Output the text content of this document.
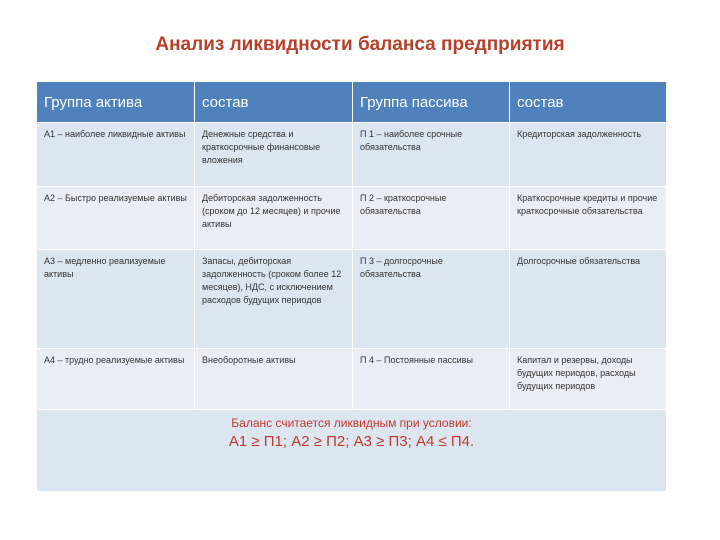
Анализ ликвидности баланса предприятия
Группа актива	состав	Группа пассива	состав
А1 – наиболее ликвидные активы	Денежные средства и краткосрочные финансовые вложения	П 1 – наиболее срочные обязательства	Кредиторская задолженность
А2 – Быстро реализуемые активы	Дебиторская задолженность (сроком до 12 месяцев) и прочие активы	П 2 – краткосрочные обязательства	Краткосрочные кредиты и прочие краткосрочные обязательства
А3 – медленно реализуемые активы	Запасы, дебиторская задолженность (сроком более 12 месяцев), НДС, с исключением расходов будущих периодов	П 3 – долгосрочные обязательства	Долгосрочные обязательства
А4 – трудно реализуемые активы	Внеоборотные активы	П 4 – Постоянные пассивы	Капитал и резервы, доходы будущих периодов, расходы будущих периодов

Баланс считается ликвидным при условии:
А1 ≥ П1; А2 ≥ П2; А3 ≥ П3; А4 ≤ П4.			
